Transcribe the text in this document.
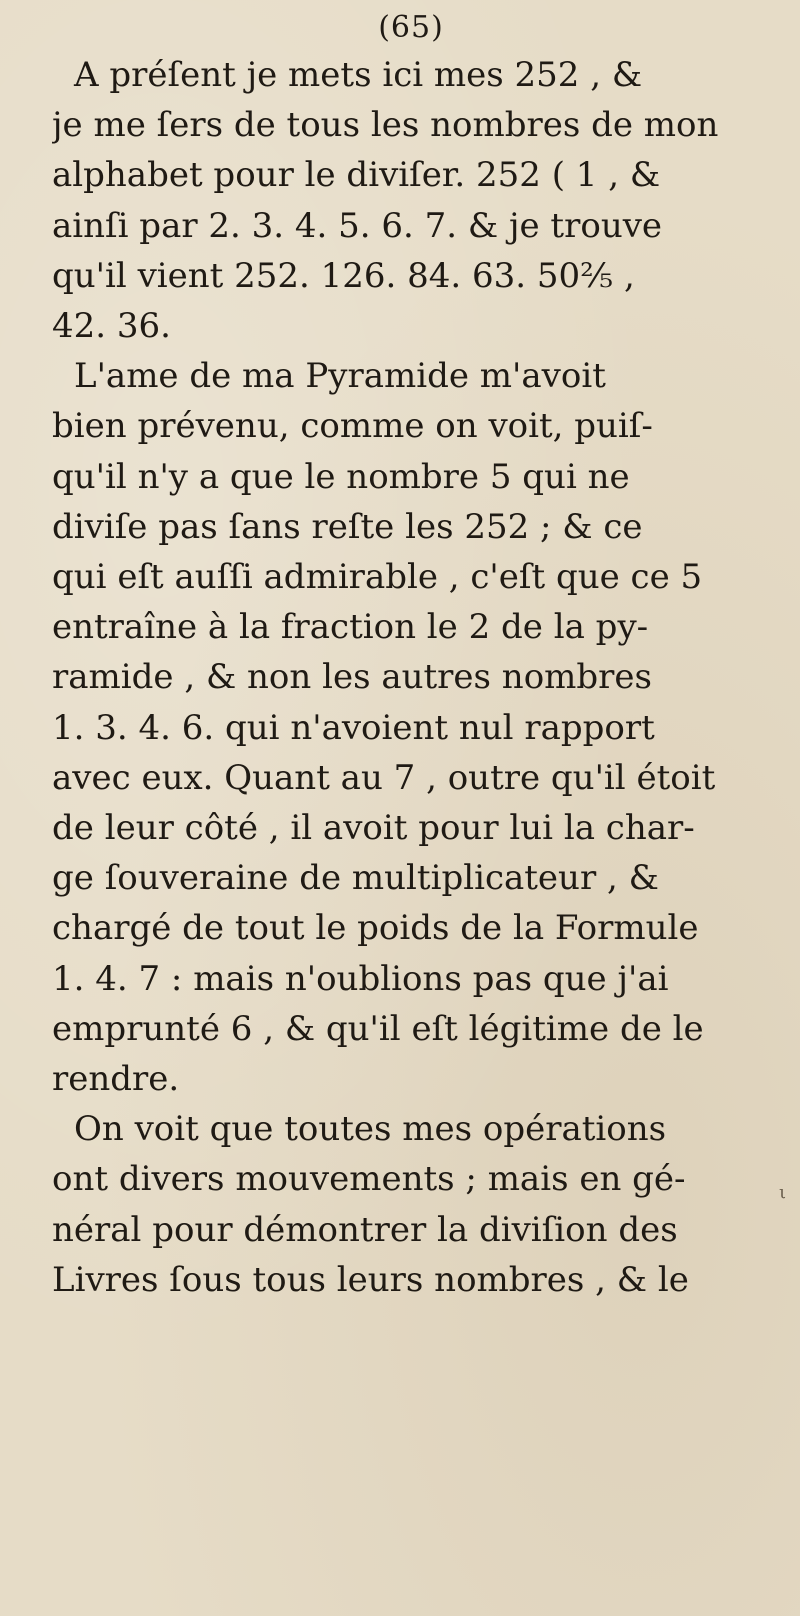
(65)

A préſent je mets ici mes 252 , &
je me ſers de tous les nombres de mon
alphabet pour le diviſer. 252 ( 1 , &
ainſi par 2. 3. 4. 5. 6. 7. & je trouve
qu'il vient 252. 126. 84. 63. 50⅖ ,
42. 36.

L'ame de ma Pyramide m'avoit
bien prévenu, comme on voit, puiſ-
qu'il n'y a que le nombre 5 qui ne
diviſe pas ſans reſte les 252 ; & ce
qui eſt auſſi admirable , c'eſt que ce 5
entraîne à la fraction le 2 de la py-
ramide , & non les autres nombres
1. 3. 4. 6. qui n'avoient nul rapport
avec eux. Quant au 7 , outre qu'il étoit
de leur côté , il avoit pour lui la char-
ge ſouveraine de multiplicateur , &
chargé de tout le poids de la Formule
1. 4. 7 : mais n'oublions pas que j'ai
emprunté 6 , & qu'il eſt légitime de le
rendre.

On voit que toutes mes opérations
ont divers mouvements ; mais en gé-
néral pour démontrer la diviſion des
Livres ſous tous leurs nombres , & le

ι
